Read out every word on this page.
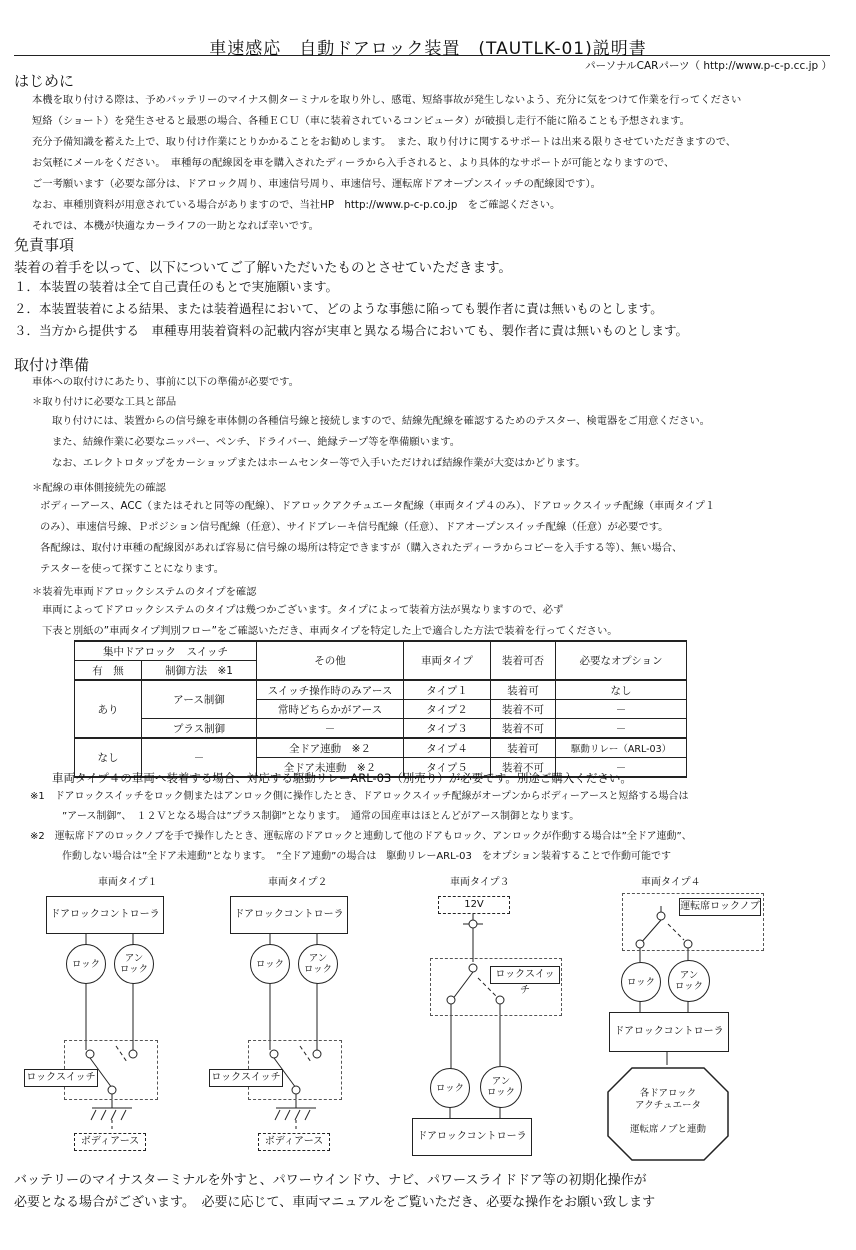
車速感応　自動ドアロック装置　(TAUTLK-01)説明書
パーソナルCARパーツ（ http://www.p-c-p.cc.jp ）
はじめに
本機を取り付ける際は、予めバッテリーのマイナス側ターミナルを取り外し、感電、短絡事故が発生しないよう、充分に気をつけて作業を行ってください
短絡（ショート）を発生させると最悪の場合、各種ＥＣＵ（車に装着されているコンピュータ）が破損し走行不能に陥ることも予想されます。
充分予備知識を蓄えた上で、取り付け作業にとりかかることをお勧めします。　また、取り付けに関するサポートは出来る限りさせていただきますので、
お気軽にメールをください。　車種毎の配線図を車を購入されたディーラから入手されると、より具体的なサポートが可能となりますので、
ご一考願います（必要な部分は、ドアロック周り、車速信号周り、車速信号、運転席ドアオープンスイッチの配線図です）。
なお、車種別資料が用意されている場合がありますので、当社HP　http://www.p-c-p.co.jp　をご確認ください。
それでは、本機が快適なカーライフの一助となれば幸いです。
免責事項
装着の着手を以って、以下についてご了解いただいたものとさせていただきます。
１．本装置の装着は全て自己責任のもとで実施願います。
２．本装置装着による結果、または装着過程において、どのような事態に陥っても製作者に責は無いものとします。
３．当方から提供する　車種専用装着資料の記載内容が実車と異なる場合においても、製作者に責は無いものとします。
取付け準備
車体への取付けにあたり、事前に以下の準備が必要です。
＊取り付けに必要な工具と部品
取り付けには、装置からの信号線を車体側の各種信号線と接続しますので、結線先配線を確認するためのテスター、検電器をご用意ください。
また、結線作業に必要なニッパー、ペンチ、ドライバー、絶縁テープ等を準備願います。
なお、エレクトロタップをカーショップまたはホームセンター等で入手いただければ結線作業が大変はかどります。
＊配線の車体側接続先の確認
ボディーアース、ACC（またはそれと同等の配線）、ドアロックアクチュエータ配線（車両タイプ４のみ）、ドアロックスイッチ配線（車両タイプ１
のみ）、車速信号線、Ｐポジション信号配線（任意）、サイドブレーキ信号配線（任意）、ドアオープンスイッチ配線（任意）が必要です。
各配線は、取付け車種の配線図があれば容易に信号線の場所は特定できますが（購入されたディーラからコピーを入手する等）、無い場合、
テスターを使って探すことになります。
＊装着先車両ドアロックシステムのタイプを確認
車両によってドアロックシステムのタイプは幾つかございます。タイプによって装着方法が異なりますので、必ず
下表と別紙の”車両タイプ判別フロー”をご確認いただき、車両タイプを特定した上で適合した方法で装着を行ってください。
集中ドアロック　スイッチ		その他	車両タイプ	装着可否	必要なオプション
有　無	制御方法　※1				
あり	アース制御	スイッチ操作時のみアース	タイプ１	装着可	なし
		常時どちらかがアース	タイプ２	装着不可	－
	プラス制御	－	タイプ３	装着不可	－
なし	－	全ドア連動　※２	タイプ４	装着可	駆動リレー（ARL-03）
		全ドア未連動　※２	タイプ５	装着不可	－
車両タイプ４の車両へ装着する場合、対応する駆動リレーARL-03（別売り）が必要です。別途ご購入ください。
※1　ドアロックスイッチをロック側またはアンロック側に操作したとき、ドアロックスイッチ配線がオープンからボディーアースと短絡する場合は
”アース制御”、　１２Ｖとなる場合は”プラス制御”となります。　通常の国産車はほとんどがアース制御となります。
※2　運転席ドアのロックノブを手で操作したとき、運転席のドアロックと連動して他のドアもロック、アンロックが作動する場合は”全ドア連動”、
作動しない場合は”全ドア未連動”となります。　”全ドア連動”の場合は　駆動リレーARL-03　をオプション装着することで作動可能です
車両タイプ１	車両タイプ２	車両タイプ３	車両タイプ４
ドアロックコントローラ
ロック	アン
ロック
ロックスイッチ
ボディアース
ドアロックコントローラ
ロック	アン
ロック
ロックスイッチ
ボディアース
12V
ロックスイッチ
ロック
アン
ロック
ドアロックコントローラ
運転席ロックノブ
ロック
アン
ロック
ドアロックコントローラ
各ドアロック
アクチュエータ

運転席ノブと連動
バッテリーのマイナスターミナルを外すと、パワーウインドウ、ナビ、パワースライドドア等の初期化操作が
必要となる場合がございます。　必要に応じて、車両マニュアルをご覧いただき、必要な操作をお願い致します
